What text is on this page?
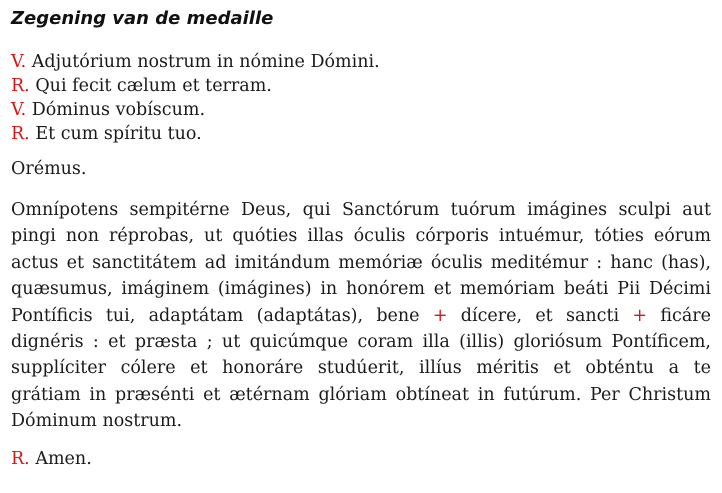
Zegening van de medaille
V. Adjutórium nostrum in nómine Dómini.
R. Qui fecit cælum et terram.
V. Dóminus vobíscum.
R. Et cum spíritu tuo.
Orémus.
Omnípotens sempitérne Deus, qui Sanctórum tuórum imágines sculpi aut
pingi non réprobas, ut quóties illas óculis córporis intuémur, tóties eórum
actus et sanctitátem ad imitándum memóriæ óculis meditémur : hanc (has),
quæsumus, imáginem (imágines) in honórem et memóriam beáti Pii Décimi
Pontíficis tui, adaptátam (adaptátas), bene + dícere, et sancti + ficáre
dignéris : et præsta ; ut quicúmque coram illa (illis) gloriósum Pontíficem,
supplíciter cólere et honoráre studúerit, illíus méritis et obténtu a te
grátiam in præsénti et ætérnam glóriam obtíneat in futúrum. Per Christum
Dóminum nostrum.
R. Amen.
